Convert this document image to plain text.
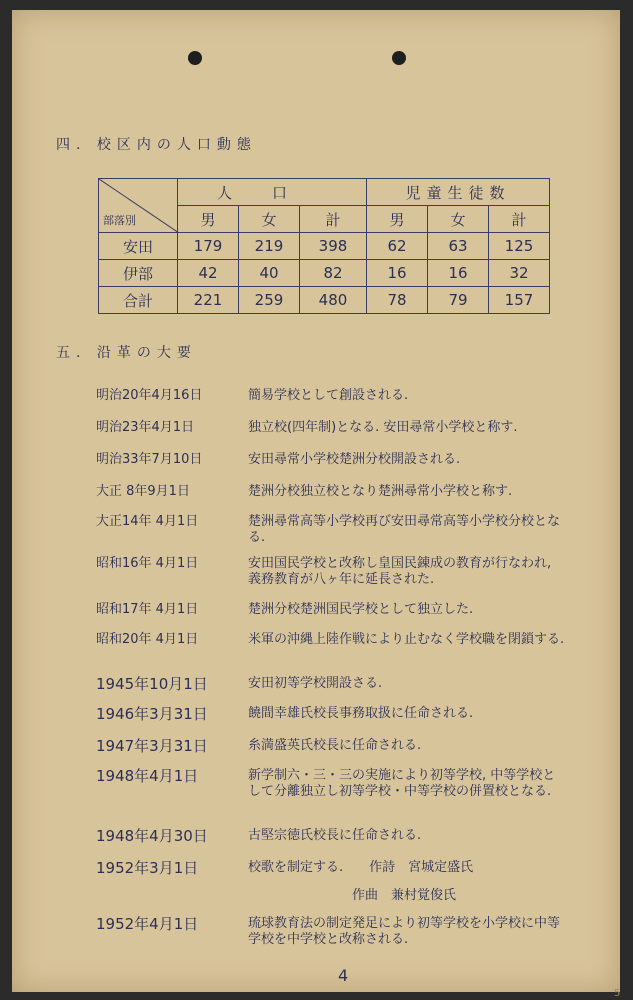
四. 校区内の人口動態
部落別	人口			児童生徒数		
	男	女	計	男	女	計
安田	179	219	398	62	63	125
伊部	42	40	82	16	16	32
合計	221	259	480	78	79	157
五. 沿革の大要
明治20年4月16日	簡易学校として創設される.
明治23年4月1日	独立校(四年制)となる. 安田尋常小学校と称す.
明治33年7月10日	安田尋常小学校楚洲分校開設される.
大正 8年9月1日	楚洲分校独立校となり楚洲尋常小学校と称す.
大正14年 4月1日	楚洲尋常高等小学校再び安田尋常高等小学校分校となる.
昭和16年 4月1日	安田国民学校と改称し皇国民錬成の教育が行なわれ, 義務教育が八ヶ年に延長された.
昭和17年 4月1日	楚洲分校楚洲国民学校として独立した.
昭和20年 4月1日	米軍の沖縄上陸作戦により止むなく学校職を閉鎖する.
1945年10月1日	安田初等学校開設さる.
1946年3月31日	饒間幸雄氏校長事務取扱に任命される.
1947年3月31日	糸満盛英氏校長に任命される.
1948年4月1日	新学制六・三・三の実施により初等学校, 中等学校として分離独立し初等学校・中等学校の併置校となる.
1948年4月30日	古堅宗徳氏校長に任命される.
1952年3月1日	校歌を制定する.　　作詩　宮城定盛氏
　　　　　　　　作曲　兼村覚俊氏
1952年4月1日	琉球教育法の制定発足により初等学校を小学校に中等学校を中学校と改称される.
4
5
